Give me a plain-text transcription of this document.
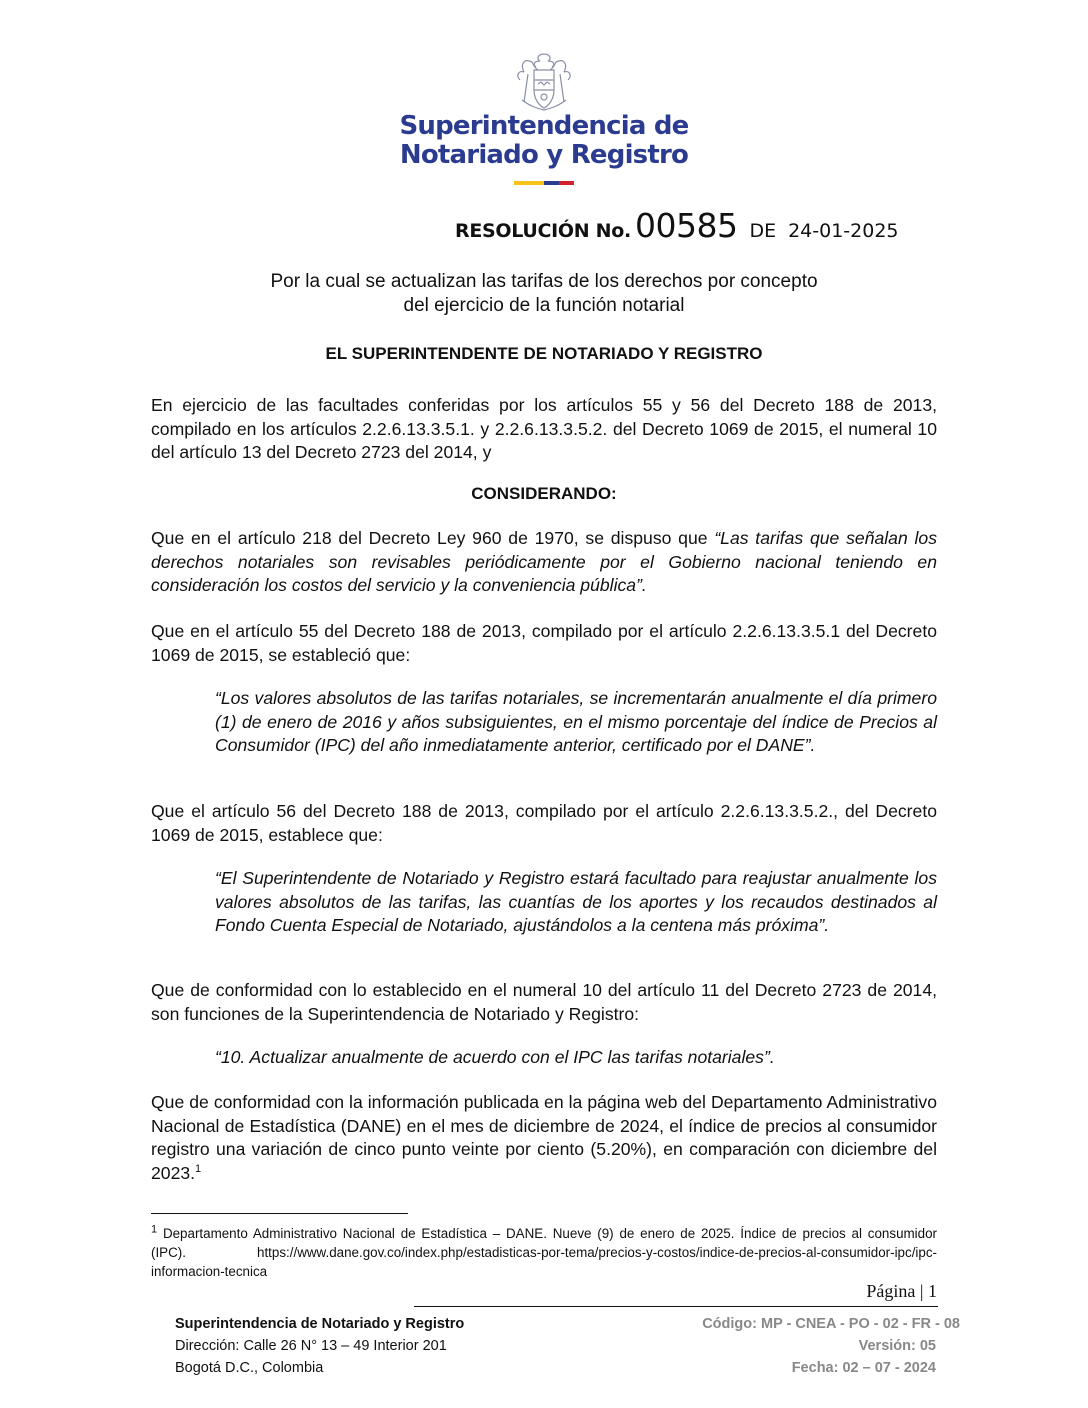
Superintendencia de
Notariado y Registro
RESOLUCIÓN No. 00585 DE 24-01-2025
Por la cual se actualizan las tarifas de los derechos por concepto
del ejercicio de la función notarial
EL SUPERINTENDENTE DE NOTARIADO Y REGISTRO

En ejercicio de las facultades conferidas por los artículos 55 y 56 del Decreto 188 de 2013, compilado en los artículos 2.2.6.13.3.5.1. y 2.2.6.13.3.5.2. del Decreto 1069 de 2015, el numeral 10 del artículo 13 del Decreto 2723 del 2014, y

CONSIDERANDO:

Que en el artículo 218 del Decreto Ley 960 de 1970, se dispuso que “Las tarifas que señalan los derechos notariales son revisables periódicamente por el Gobierno nacional teniendo en consideración los costos del servicio y la conveniencia pública”.

Que en el artículo 55 del Decreto 188 de 2013, compilado por el artículo 2.2.6.13.3.5.1 del Decreto 1069 de 2015, se estableció que:

“Los valores absolutos de las tarifas notariales, se incrementarán anualmente el día primero (1) de enero de 2016 y años subsiguientes, en el mismo porcentaje del índice de Precios al Consumidor (IPC) del año inmediatamente anterior, certificado por el DANE”.

Que el artículo 56 del Decreto 188 de 2013, compilado por el artículo 2.2.6.13.3.5.2., del Decreto 1069 de 2015, establece que:

“El Superintendente de Notariado y Registro estará facultado para reajustar anualmente los valores absolutos de las tarifas, las cuantías de los aportes y los recaudos destinados al Fondo Cuenta Especial de Notariado, ajustándolos a la centena más próxima”.

Que de conformidad con lo establecido en el numeral 10 del artículo 11 del Decreto 2723 de 2014, son funciones de la Superintendencia de Notariado y Registro:

“10. Actualizar anualmente de acuerdo con el IPC las tarifas notariales”.

Que de conformidad con la información publicada en la página web del Departamento Administrativo Nacional de Estadística (DANE) en el mes de diciembre de 2024, el índice de precios al consumidor registro una variación de cinco punto veinte por ciento (5.20%), en comparación con diciembre del 2023.$^1$

$^1$ Departamento Administrativo Nacional de Estadística – DANE. Nueve (9) de enero de 2025. Índice de precios al consumidor (IPC). https://www.dane.gov.co/index.php/estadisticas-por-tema/precios-y-costos/indice-de-precios-al-consumidor-ipc/ipc-informacion-tecnica

Página | 1
Superintendencia de Notariado y Registro
Dirección: Calle 26 N° 13 – 49 Interior 201
Bogotá D.C., Colombia
Código: MP - CNEA - PO - 02 - FR - 08
Versión: 05
Fecha: 02 – 07 - 2024
